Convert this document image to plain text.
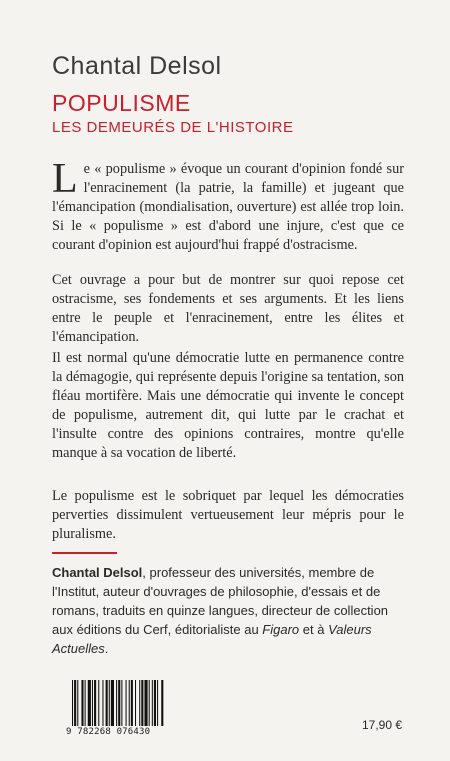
Chantal Delsol
POPULISME
LES DEMEURÉS DE L'HISTOIRE
Le « populisme » évoque un courant d'opinion fondé sur l'enracinement (la patrie, la famille) et jugeant que l'émancipation (mondialisation, ouverture) est allée trop loin. Si le « populisme » est d'abord une injure, c'est que ce courant d'opinion est aujourd'hui frappé d'ostracisme.
Cet ouvrage a pour but de montrer sur quoi repose cet ostracisme, ses fondements et ses arguments. Et les liens entre le peuple et l'enracinement, entre les élites et l'émancipation.
Il est normal qu'une démocratie lutte en permanence contre la démagogie, qui représente depuis l'origine sa tentation, son fléau mortifère. Mais une démocratie qui invente le concept de populisme, autrement dit, qui lutte par le crachat et l'insulte contre des opinions contraires, montre qu'elle manque à sa vocation de liberté.
Le populisme est le sobriquet par lequel les démocraties perverties dissimulent vertueusement leur mépris pour le pluralisme.
Chantal Delsol, professeur des universités, membre de l'Institut, auteur d'ouvrages de philosophie, d'essais et de romans, traduits en quinze langues, directeur de collection aux éditions du Cerf, éditorialiste au Figaro et à Valeurs Actuelles.
9 782268 076430	17,90 €
